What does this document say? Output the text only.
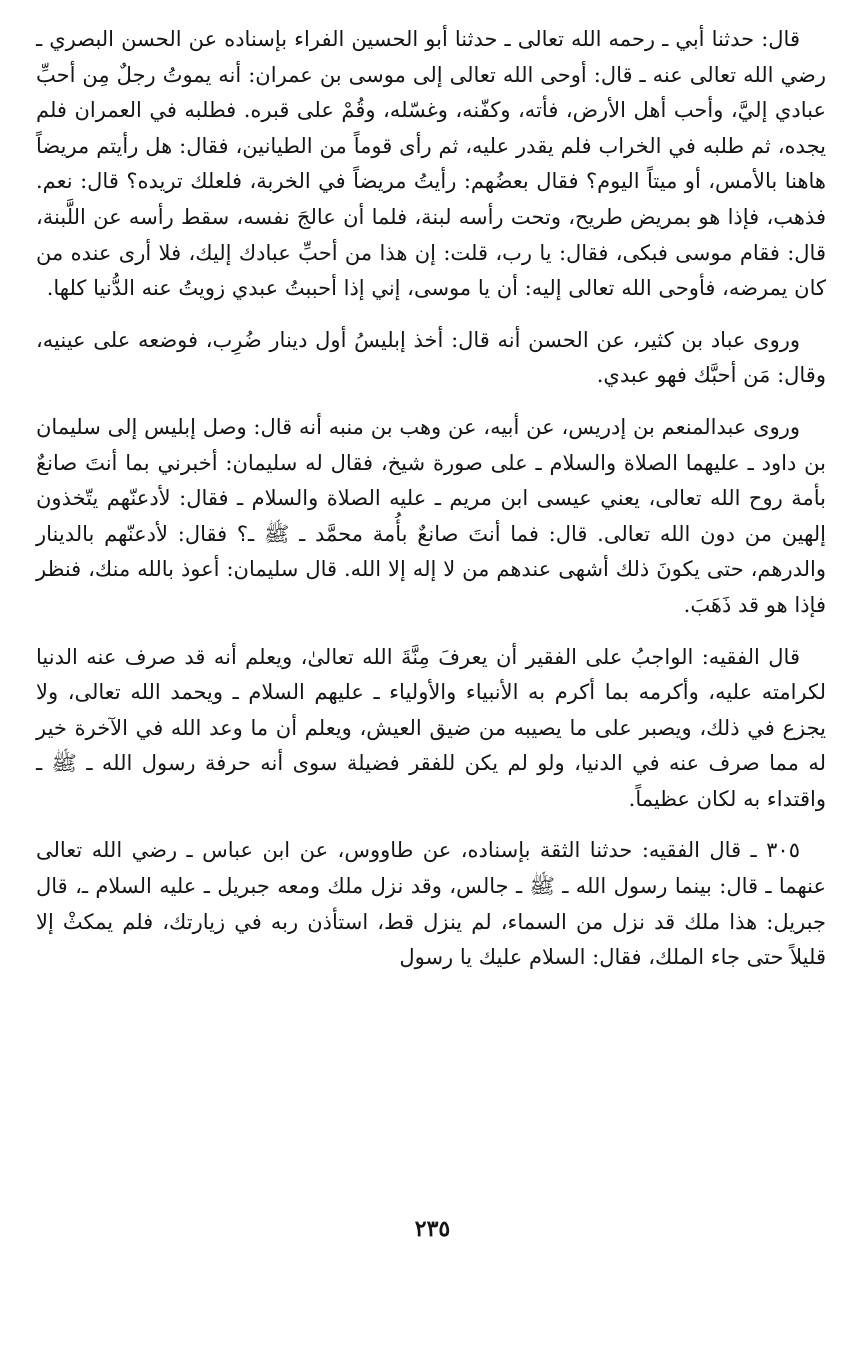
قال: حدثنا أبي ـ رحمه الله تعالى ـ حدثنا أبو الحسين الفراء بإسناده عن الحسن البصري ـ رضي الله تعالى عنه ـ قال: أوحى الله تعالى إلى موسى بن عمران: أنه يموتُ رجلٌ مِن أحبِّ عبادي إليَّ، وأحب أهل الأرض، فأته، وكفّنه، وغسّله، وقُمْ على قبره. فطلبه في العمران فلم يجده، ثم طلبه في الخراب فلم يقدر عليه، ثم رأى قوماً من الطيانين، فقال: هل رأيتم مريضاً هاهنا بالأمس، أو ميتاً اليوم؟ فقال بعضُهم: رأيتُ مريضاً في الخربة، فلعلك تريده؟ قال: نعم. فذهب، فإذا هو بمريض طريح، وتحت رأسه لبنة، فلما أن عالجَ نفسه، سقط رأسه عن اللَّبنة، قال: فقام موسى فبكى، فقال: يا رب، قلت: إن هذا من أحبِّ عبادك إليك، فلا أرى عنده من كان يمرضه، فأوحى الله تعالى إليه: أن يا موسى، إني إذا أحببتُ عبدي زويتُ عنه الدُّنيا كلها.

وروى عباد بن كثير، عن الحسن أنه قال: أخذ إبليسُ أول دينار ضُرِب، فوضعه على عينيه، وقال: مَن أحبَّك فهو عبدي.

وروى عبدالمنعم بن إدريس، عن أبيه، عن وهب بن منبه أنه قال: وصل إبليس إلى سليمان بن داود ـ عليهما الصلاة والسلام ـ على صورة شيخ، فقال له سليمان: أخبرني بما أنتَ صانعٌ بأمة روح الله تعالى، يعني عيسى ابن مريم ـ عليه الصلاة والسلام ـ فقال: لأدعنّهم يتّخذون إلهين من دون الله تعالى. قال: فما أنتَ صانعٌ بأُمة محمَّد ـ ﷺ ـ؟ فقال: لأدعنّهم بالدينار والدرهم، حتى يكونَ ذلك أشهى عندهم من لا إله إلا الله. قال سليمان: أعوذ بالله منك، فنظر فإذا هو قد ذَهَبَ.

قال الفقيه: الواجبُ على الفقير أن يعرفَ مِنَّةَ الله تعالىٰ، ويعلم أنه قد صرف عنه الدنيا لكرامته عليه، وأكرمه بما أكرم به الأنبياء والأولياء ـ عليهم السلام ـ ويحمد الله تعالى، ولا يجزع في ذلك، ويصبر على ما يصيبه من ضيق العيش، ويعلم أن ما وعد الله في الآخرة خير له مما صرف عنه في الدنيا، ولو لم يكن للفقر فضيلة سوى أنه حرفة رسول الله ـ ﷺ ـ واقتداء به لكان عظيماً.

٣٠٥ ـ قال الفقيه: حدثنا الثقة بإسناده، عن طاووس، عن ابن عباس ـ رضي الله تعالى عنهما ـ قال: بينما رسول الله ـ ﷺ ـ جالس، وقد نزل ملك ومعه جبريل ـ عليه السلام ـ، قال جبريل: هذا ملك قد نزل من السماء، لم ينزل قط، استأذن ربه في زيارتك، فلم يمكثْ إلا قليلاً حتى جاء الملك، فقال: السلام عليك يا رسول

٢٣٥
